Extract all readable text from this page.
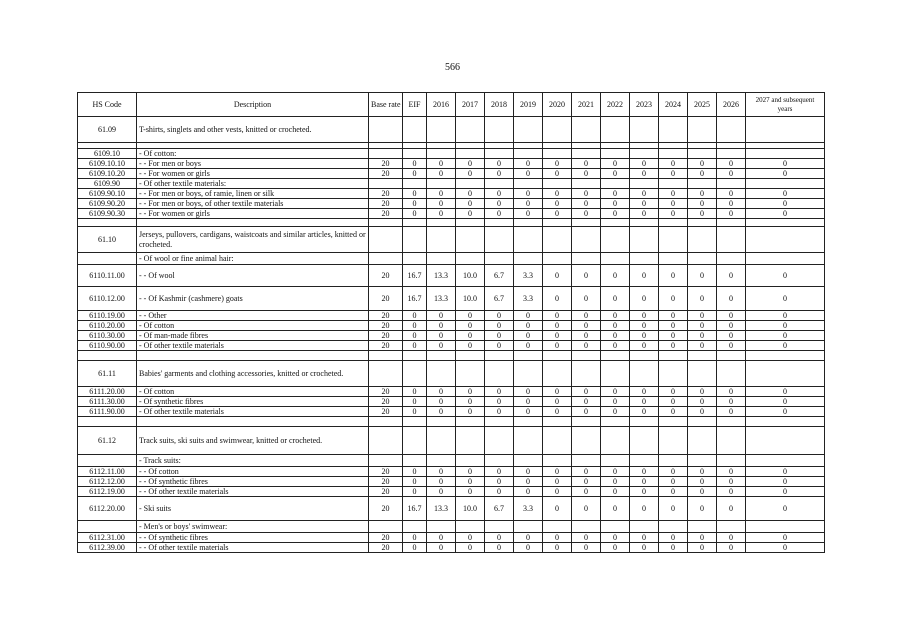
566
HS Code	Description	Base rate	EIF	2016	2017	2018	2019	2020	2021	2022	2023	2024	2025	2026	2027 and subsequent years
61.09	T-shirts, singlets and other vests, knitted or crocheted.														

6109.10	- Of cotton:														
6109.10.10	- - For men or boys	20	0	0	0	0	0	0	0	0	0	0	0	0	0
6109.10.20	- - For women or girls	20	0	0	0	0	0	0	0	0	0	0	0	0	0
6109.90	- Of other textile materials:														
6109.90.10	- - For men or boys, of ramie, linen or silk	20	0	0	0	0	0	0	0	0	0	0	0	0	0
6109.90.20	- - For men or boys, of other textile materials	20	0	0	0	0	0	0	0	0	0	0	0	0	0
6109.90.30	- - For women or girls	20	0	0	0	0	0	0	0	0	0	0	0	0	0

61.10	Jerseys, pullovers, cardigans, waistcoats and similar articles, knitted or crocheted.														
	- Of wool or fine animal hair:														
6110.11.00	- - Of wool	20	16.7	13.3	10.0	6.7	3.3	0	0	0	0	0	0	0	0
6110.12.00	- - Of Kashmir (cashmere) goats	20	16.7	13.3	10.0	6.7	3.3	0	0	0	0	0	0	0	0
6110.19.00	- - Other	20	0	0	0	0	0	0	0	0	0	0	0	0	0
6110.20.00	- Of cotton	20	0	0	0	0	0	0	0	0	0	0	0	0	0
6110.30.00	- Of man-made fibres	20	0	0	0	0	0	0	0	0	0	0	0	0	0
6110.90.00	- Of other textile materials	20	0	0	0	0	0	0	0	0	0	0	0	0	0

61.11	Babies' garments and clothing accessories, knitted or crocheted.														
6111.20.00	- Of cotton	20	0	0	0	0	0	0	0	0	0	0	0	0	0
6111.30.00	- Of synthetic fibres	20	0	0	0	0	0	0	0	0	0	0	0	0	0
6111.90.00	- Of other textile materials	20	0	0	0	0	0	0	0	0	0	0	0	0	0

61.12	Track suits, ski suits and swimwear, knitted or crocheted.														
	- Track suits:														
6112.11.00	- - Of cotton	20	0	0	0	0	0	0	0	0	0	0	0	0	0
6112.12.00	- - Of synthetic fibres	20	0	0	0	0	0	0	0	0	0	0	0	0	0
6112.19.00	- - Of other textile materials	20	0	0	0	0	0	0	0	0	0	0	0	0	0
6112.20.00	- Ski suits	20	16.7	13.3	10.0	6.7	3.3	0	0	0	0	0	0	0	0
	- Men's or boys' swimwear:														
6112.31.00	- - Of synthetic fibres	20	0	0	0	0	0	0	0	0	0	0	0	0	0
6112.39.00	- - Of other textile materials	20	0	0	0	0	0	0	0	0	0	0	0	0	0
